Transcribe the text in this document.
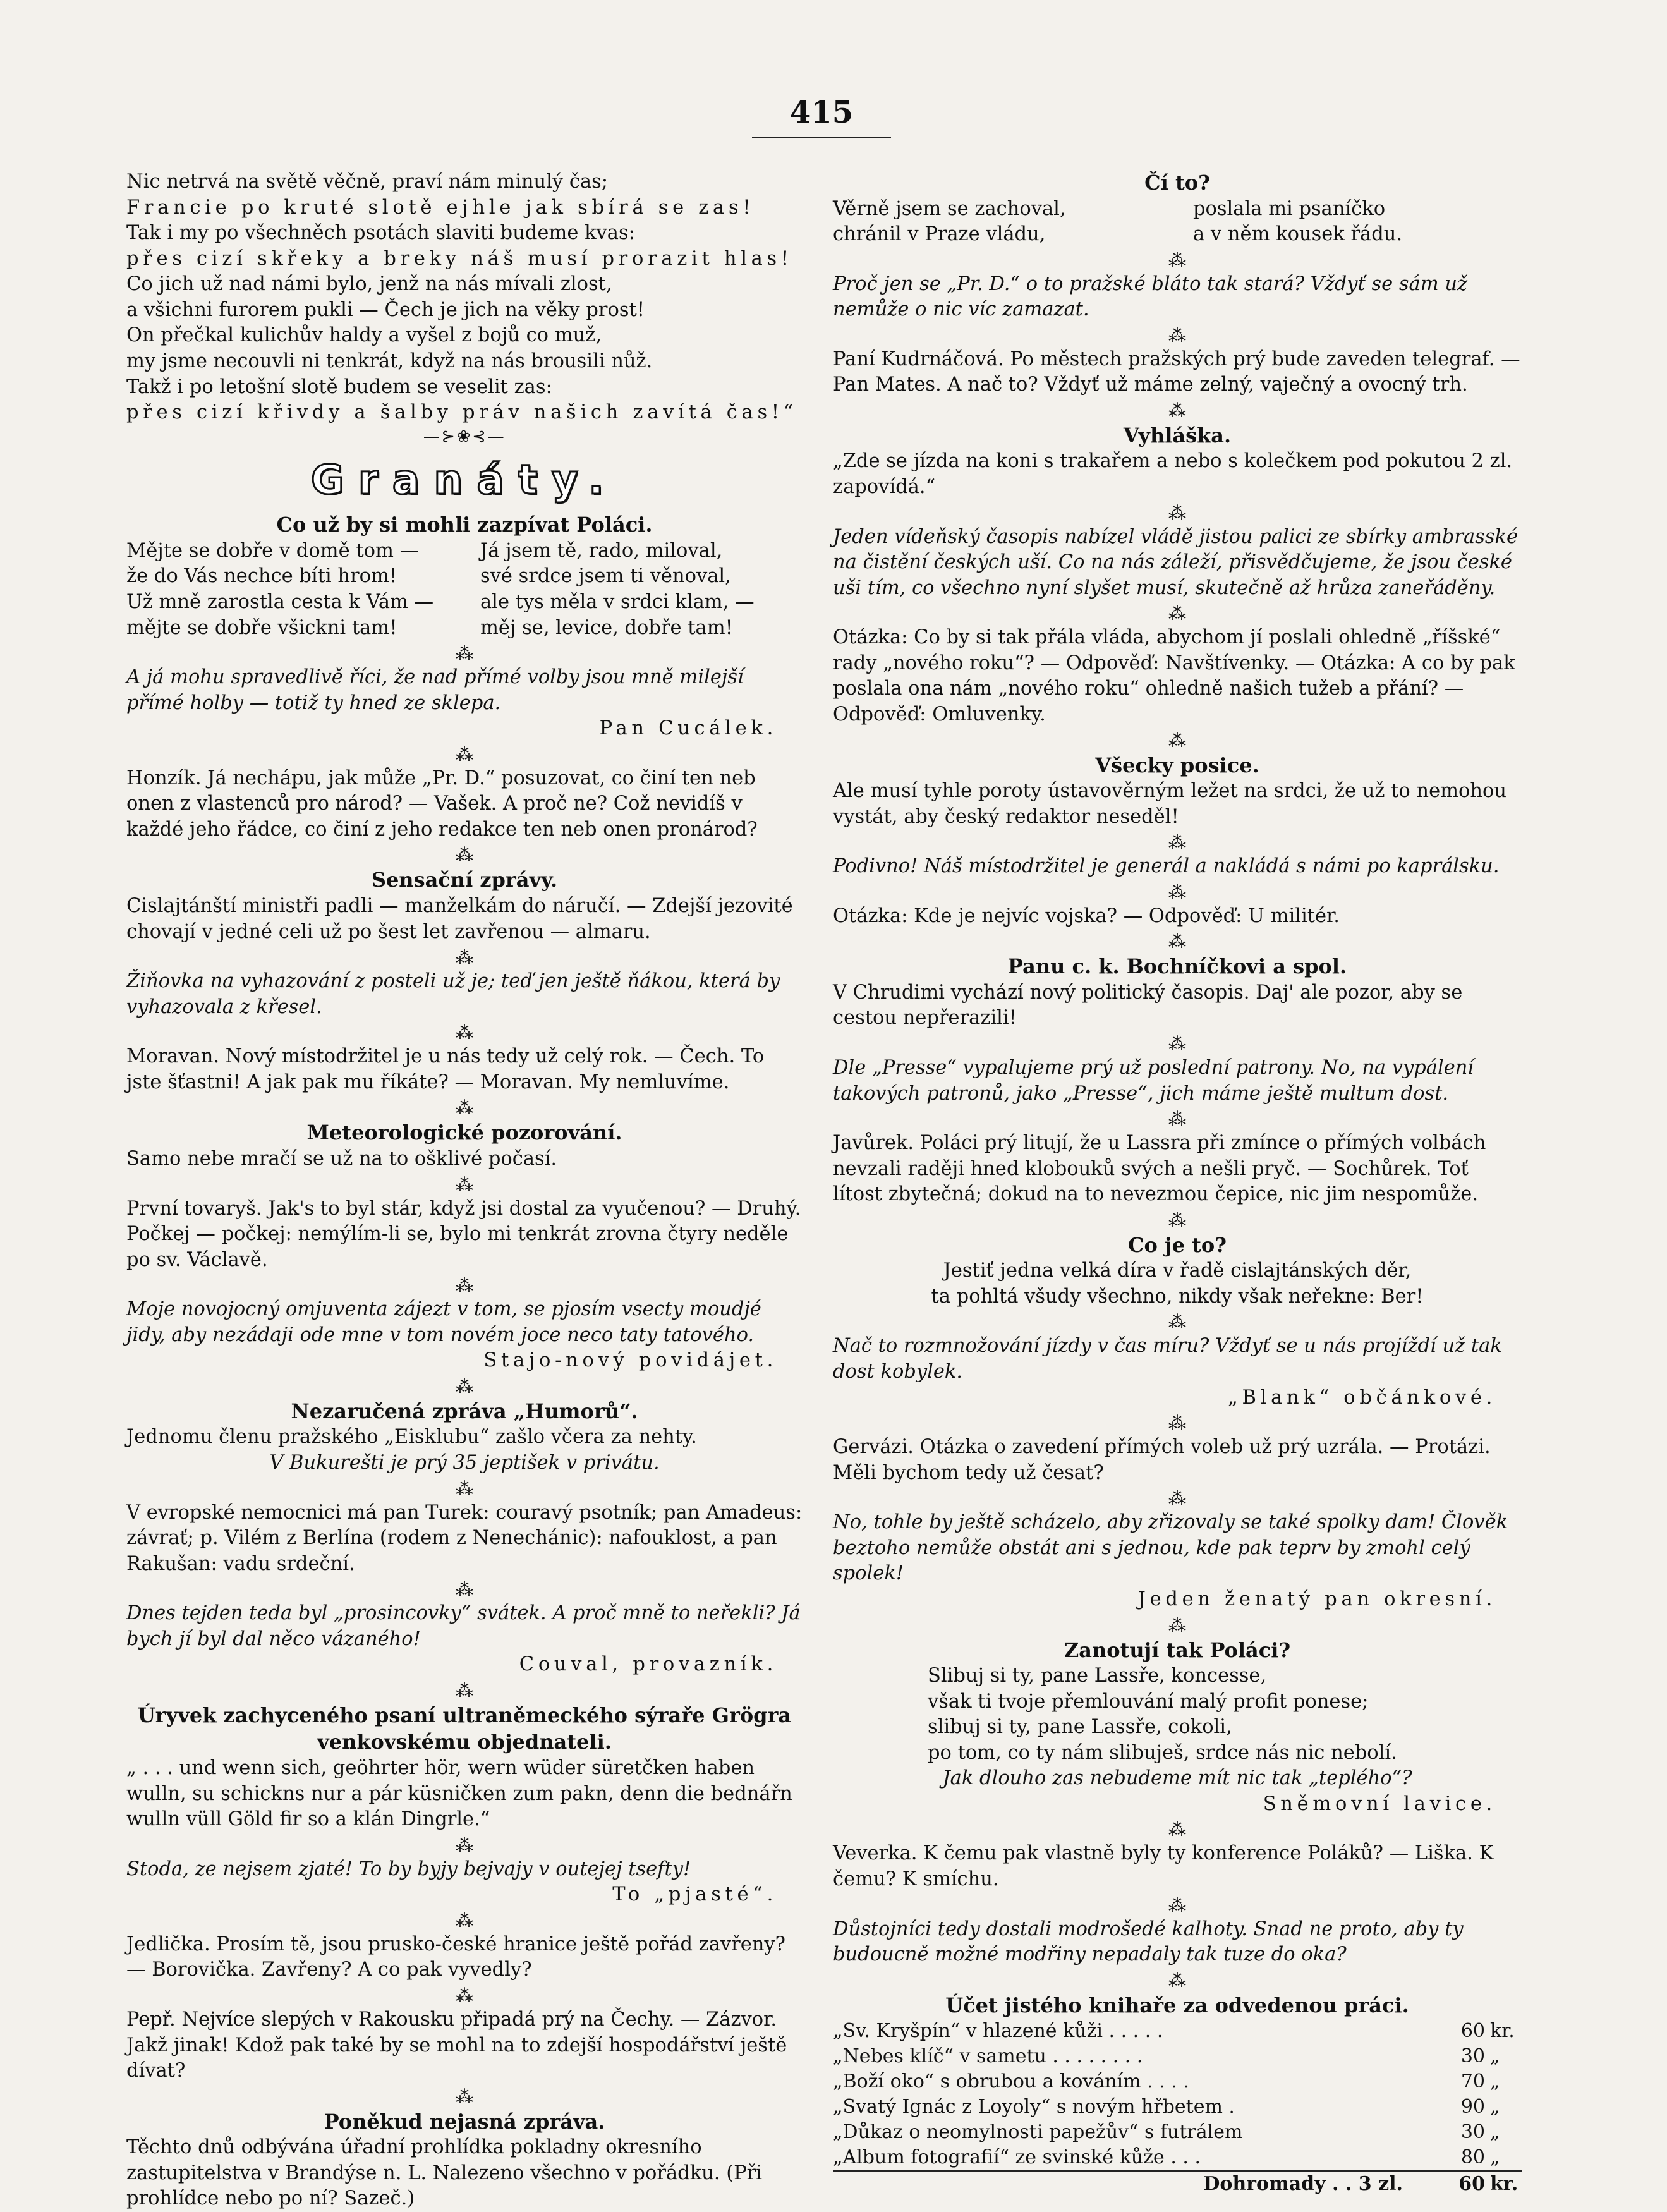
415

Nic netrvá na světě věčně, praví nám minulý čas;

Francie po kruté slotě ejhle jak sbírá se zas!

Tak i my po všechněch psotách slaviti budeme kvas:

přes cizí skřeky a breky náš musí prorazit hlas!

Co jich už nad námi bylo, jenž na nás mívali zlost,

a všichni furorem pukli — Čech je jich na věky prost!

On přečkal kulichův haldy a vyšel z bojů co muž,

my jsme necouvli ni tenkrát, když na nás brousili nůž.

Takž i po letošní slotě budem se veselit zas:

přes cizí křivdy a šalby práv našich zavítá čas!“

—⊱❀⊰—
Granáty.

Co už by si mohli zazpívat Poláci.

Mějte se dobře v domě tom —

že do Vás nechce bíti hrom!

Už mně zarostla cesta k Vám —

mějte se dobře všickni tam!

Já jsem tě, rado, miloval,

své srdce jsem ti věnoval,

ale tys měla v srdci klam, —

měj se, levice, dobře tam!

⁂

A já mohu spravedlivě říci, že nad přímé volby jsou mně milejší přímé holby — totiž ty hned ze sklepa.

Pan Cucálek.

⁂

Honzík. Já nechápu, jak může „Pr. D.“ posuzovat, co činí ten neb onen z vlastenců pro národ? — Vašek. A proč ne? Což nevidíš v každé jeho řádce, co činí z jeho redakce ten neb onen pronárod?

⁂

Sensační zprávy.

Cislajtánští ministři padli — manželkám do náručí. — Zdejší jezovité chovají v jedné celi už po šest let zavřenou — almaru.

⁂

Žiňovka na vyhazování z posteli už je; teď jen ještě ňákou, která by vyhazovala z křesel.

⁂

Moravan. Nový místodržitel je u nás tedy už celý rok. — Čech. To jste šťastni! A jak pak mu říkáte? — Moravan. My nemluvíme.

⁂

Meteorologické pozorování.

Samo nebe mračí se už na to ošklivé počasí.

⁂

První tovaryš. Jak's to byl stár, když jsi dostal za vyučenou? — Druhý. Počkej — počkej: nemýlím-li se, bylo mi tenkrát zrovna čtyry neděle po sv. Václavě.

⁂

Moje novojocný omjuventa zájezt v tom, se pjosím vsecty moudjé jidy, aby nezádaji ode mne v tom novém joce neco taty tatového.

Stajo-nový povidájet.

⁂

Nezaručená zpráva „Humorů“.

Jednomu členu pražského „Eisklubu“ zašlo včera za nehty.

V Bukurešti je prý 35 jeptišek v privátu.

⁂

V evropské nemocnici má pan Turek: couravý psotník; pan Amadeus: závrať; p. Vilém z Berlína (rodem z Nenechánic): nafouklost, a pan Rakušan: vadu srdeční.

⁂

Dnes tejden teda byl „prosincovky“ svátek. A proč mně to neřekli? Já bych jí byl dal něco vázaného!

Couval, provazník.

⁂

Úryvek zachyceného psaní ultraněmeckého sýraře Grögra venkovskému objednateli.

„ . . . und wenn sich, geöhrter hör, wern wüder süretčken haben wulln, su schickns nur a pár küsničken zum pakn, denn die bednářn wulln vüll Göld fir so a klán Dingrle.“

⁂

Stoda, ze nejsem zjaté! To by byjy bejvajy v outejej tsefty!

To „pjasté“.

⁂

Jedlička. Prosím tě, jsou prusko-české hranice ještě pořád zavřeny? — Borovička. Zavřeny? A co pak vyvedly?

⁂

Pepř. Nejvíce slepých v Rakousku připadá prý na Čechy. — Zázvor. Jakž jinak! Kdož pak také by se mohl na to zdejší hospodářství ještě dívat?

⁂

Poněkud nejasná zpráva.

Těchto dnů odbývána úřadní prohlídka pokladny okresního zastupitelstva v Brandýse n. L. Nalezeno všechno v pořádku. (Při prohlídce nebo po ní? Sazeč.)

Čí to?

Věrně jsem se zachoval,

chránil v Praze vládu,

poslala mi psaníčko

a v něm kousek řádu.

⁂

Proč jen se „Pr. D.“ o to pražské bláto tak stará? Vždyť se sám už nemůže o nic víc zamazat.

⁂

Paní Kudrnáčová. Po městech pražských prý bude zaveden telegraf. — Pan Mates. A nač to? Vždyť už máme zelný, vaječný a ovocný trh.

⁂

Vyhláška.

„Zde se jízda na koni s trakařem a nebo s kolečkem pod pokutou 2 zl. zapovídá.“

⁂

Jeden vídeňský časopis nabízel vládě jistou palici ze sbírky ambrasské na čistění českých uší. Co na nás záleží, přisvědčujeme, že jsou české uši tím, co všechno nyní slyšet musí, skutečně až hrůza zaneřáděny.

⁂

Otázka: Co by si tak přála vláda, abychom jí poslali ohledně „říšské“ rady „nového roku“? — Odpověď: Navštívenky. — Otázka: A co by pak poslala ona nám „nového roku“ ohledně našich tužeb a přání? — Odpověď: Omluvenky.

⁂

Všecky posice.

Ale musí tyhle poroty ústavověrným ležet na srdci, že už to nemohou vystát, aby český redaktor neseděl!

⁂

Podivno! Náš místodržitel je generál a nakládá s námi po kaprálsku.

⁂

Otázka: Kde je nejvíc vojska? — Odpověď: U militér.

⁂

Panu c. k. Bochníčkovi a spol.

V Chrudimi vychází nový politický časopis. Daj' ale pozor, aby se cestou nepřerazili!

⁂

Dle „Presse“ vypalujeme prý už poslední patrony. No, na vypálení takových patronů, jako „Presse“, jich máme ještě multum dost.

⁂

Javůrek. Poláci prý litují, že u Lassra při zmínce o přímých volbách nevzali raději hned klobouků svých a nešli pryč. — Sochůrek. Toť lítost zbytečná; dokud na to nevezmou čepice, nic jim nespomůže.

⁂

Co je to?

Jestiť jedna velká díra v řadě cislajtánských děr,

ta pohltá všudy všechno, nikdy však neřekne: Ber!

⁂

Nač to rozmnožování jízdy v čas míru? Vždyť se u nás projíždí už tak dost kobylek.

„Blank“ občánkové.

⁂

Gervázi. Otázka o zavedení přímých voleb už prý uzrála. — Protázi. Měli bychom tedy už česat?

⁂

No, tohle by ještě scházelo, aby zřizovaly se také spolky dam! Člověk beztoho nemůže obstát ani s jednou, kde pak teprv by zmohl celý spolek!

Jeden ženatý pan okresní.

⁂

Zanotují tak Poláci?

Slibuj si ty, pane Lassře, koncesse,

však ti tvoje přemlouvání malý profit ponese;

slibuj si ty, pane Lassře, cokoli,

po tom, co ty nám slibuješ, srdce nás nic nebolí.

Jak dlouho zas nebudeme mít nic tak „teplého“?

Sněmovní lavice.

⁂

Veverka. K čemu pak vlastně byly ty konference Poláků? — Liška. K čemu? K smíchu.

⁂

Důstojníci tedy dostali modrošedé kalhoty. Snad ne proto, aby ty budoucně možné modřiny nepadaly tak tuze do oka?

⁂

Účet jistého knihaře za odvedenou práci.

„Sv. Kryšpín“ v hlazené kůži . . . . .	60	kr.
„Nebes klíč“ v sametu . . . . . . . .	30	„
„Boží oko“ s obrubou a kováním . . . .	70	„
„Svatý Ignác z Loyoly“ s novým hřbetem .	90	„
„Důkaz o neomylnosti papežův“ s futrálem	30	„
„Album fotografií“ ze svinské kůže . . .	80	„
Dohromady . . 3 zl.	60	kr.
